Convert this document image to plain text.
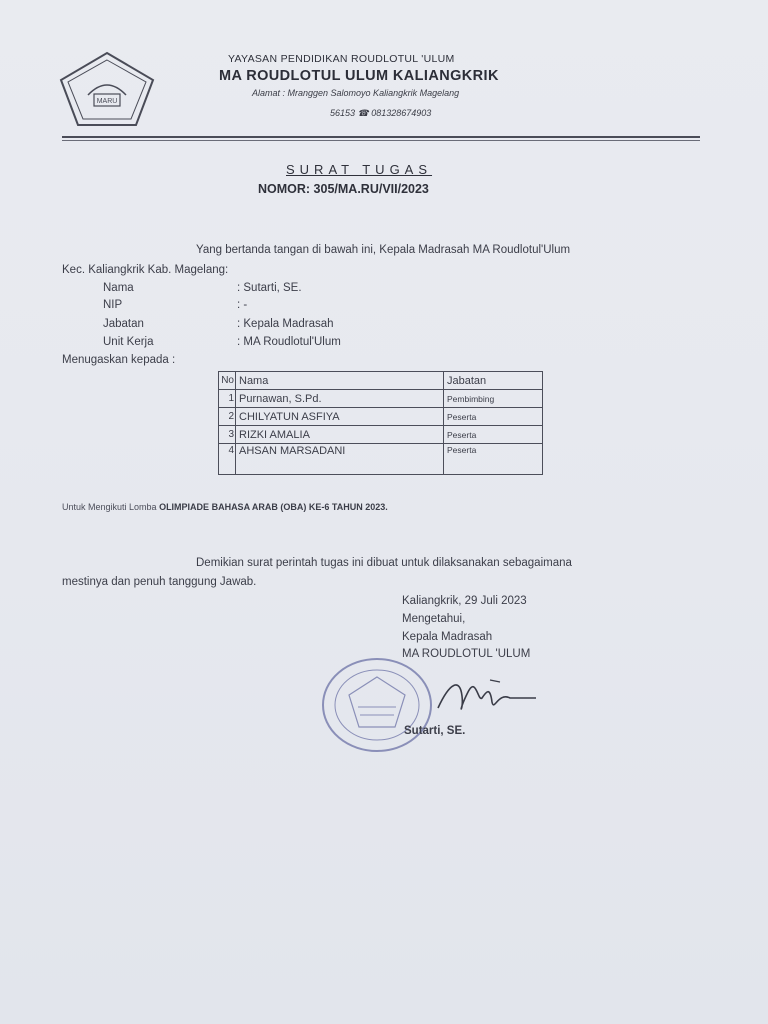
MARU
YAYASAN PENDIDIKAN ROUDLOTUL 'ULUM
MA ROUDLOTUL ULUM KALIANGKRIK
Alamat : Mranggen Salomoyo Kaliangkrik Magelang
56153 ☎ 081328674903
SURAT TUGAS
NOMOR: 305/MA.RU/VII/2023
Yang bertanda tangan di bawah ini, Kepala Madrasah MA Roudlotul'Ulum
Kec. Kaliangkrik Kab. Magelang:
Nama	: Sutarti, SE.
NIP	: -
Jabatan	: Kepala Madrasah
Unit Kerja	: MA Roudlotul'Ulum
Menugaskan kepada :
No	Nama	Jabatan
1	Purnawan, S.Pd.	Pembimbing
2	CHILYATUN ASFIYA	Peserta
3	RIZKI AMALIA	Peserta
4	AHSAN MARSADANI	Peserta
Untuk Mengikuti Lomba OLIMPIADE BAHASA ARAB (OBA) KE-6 TAHUN 2023.
Demikian surat perintah tugas ini dibuat untuk dilaksanakan sebagaimana
mestinya dan penuh tanggung Jawab.
Kaliangkrik, 29 Juli 2023
Mengetahui,
Kepala Madrasah
MA ROUDLOTUL 'ULUM
Sutarti, SE.
